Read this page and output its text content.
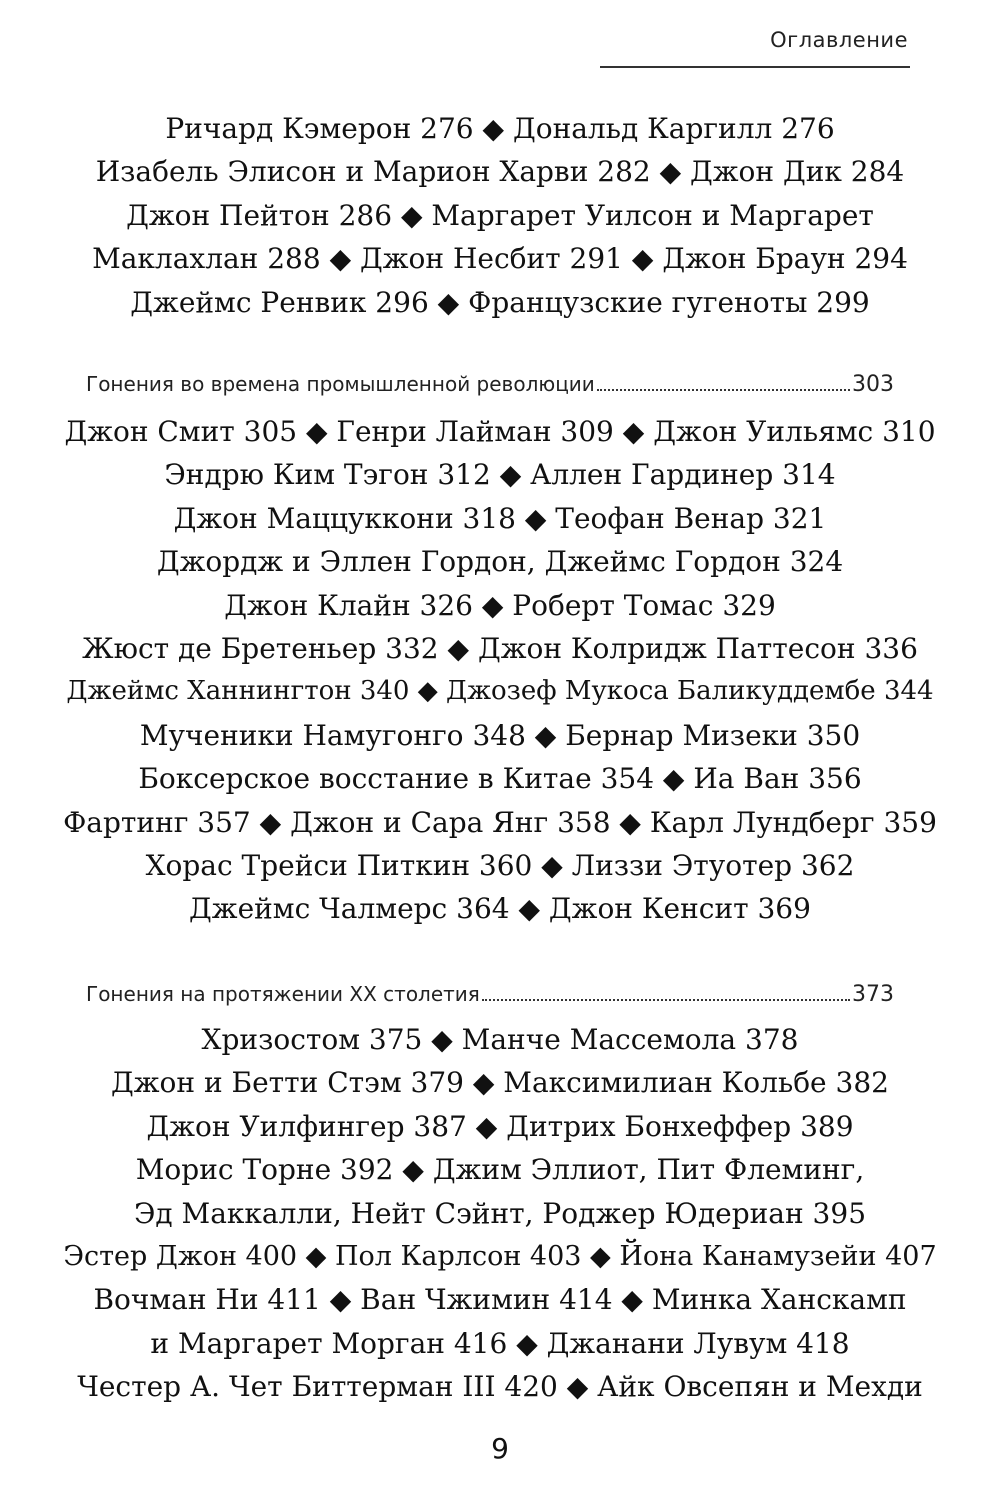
Оглавление
Ричард Кэмерон 276 ◆ Дональд Каргилл 276
Изабель Элисон и Марион Харви 282 ◆ Джон Дик 284
Джон Пейтон 286 ◆ Маргарет Уилсон и Маргарет
Маклахлан 288 ◆ Джон Несбит 291 ◆ Джон Браун 294
Джеймс Ренвик 296 ◆ Французские гугеноты 299
Гонения во времена промышленной революции	303
Джон Смит 305 ◆ Генри Лайман 309 ◆ Джон Уильямс 310
Эндрю Ким Тэгон 312 ◆ Аллен Гардинер 314
Джон Маццуккони 318 ◆ Теофан Венар 321
Джордж и Эллен Гордон, Джеймс Гордон 324
Джон Клайн 326 ◆ Роберт Томас 329
Жюст де Бретеньер 332 ◆ Джон Колридж Паттесон 336
Джеймс Ханнингтон 340 ◆ Джозеф Мукоса Баликуддембе 344
Мученики Намугонго 348 ◆ Бернар Мизеки 350
Боксерское восстание в Китае 354 ◆ Иа Ван 356
Фартинг 357 ◆ Джон и Сара Янг 358 ◆ Карл Лундберг 359
Хорас Трейси Питкин 360 ◆ Лиззи Этуотер 362
Джеймс Чалмерс 364 ◆ Джон Кенсит 369
Гонения на протяжении XX столетия	373
Хризостом 375 ◆ Манче Массемола 378
Джон и Бетти Стэм 379 ◆ Максимилиан Кольбе 382
Джон Уилфингер 387 ◆ Дитрих Бонхеффер 389
Морис Торне 392 ◆ Джим Эллиот, Пит Флеминг,
Эд Маккалли, Нейт Сэйнт, Роджер Юдериан 395
Эстер Джон 400 ◆ Пол Карлсон 403 ◆ Йона Канамузейи 407
Вочман Ни 411 ◆ Ван Чжимин 414 ◆ Минка Ханскамп
и Маргарет Морган 416 ◆ Джанани Лувум 418
Честер А. Чет Биттерман III 420 ◆ Айк Овсепян и Мехди
9
